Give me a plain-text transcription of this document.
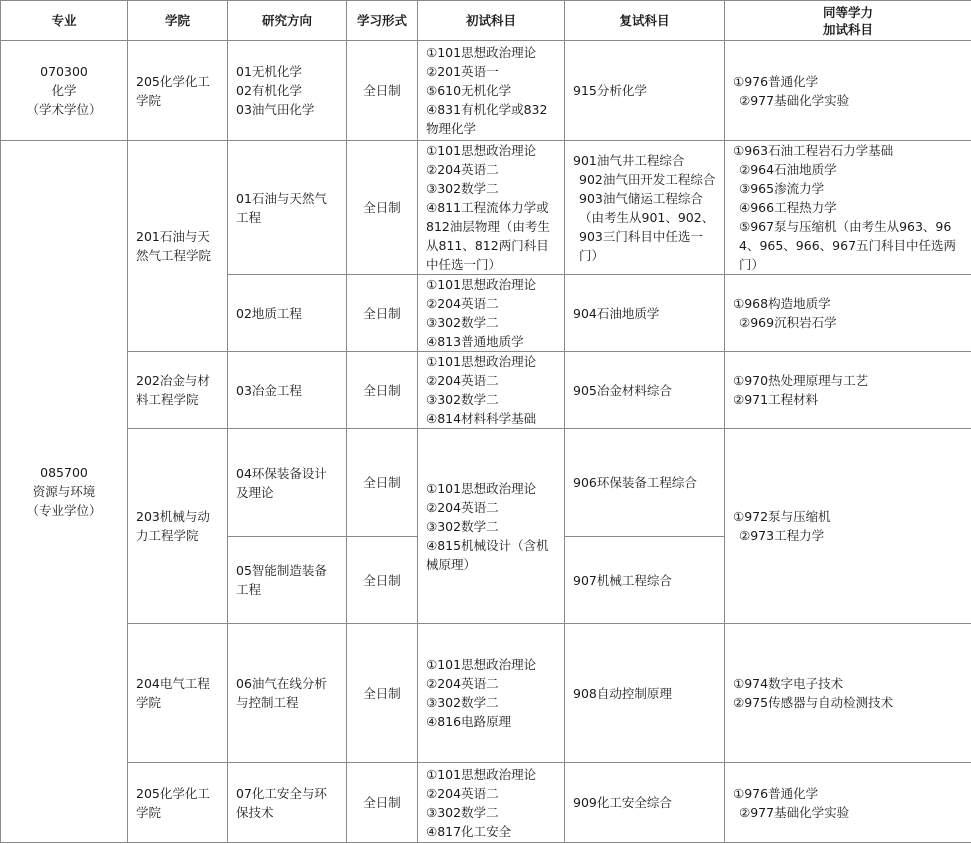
专业	学院	研究方向	学习形式	初试科目	复试科目	同等学力
加试科目

070300
化学
（学术学位）	205化学化工学院	01无机化学
02有机化学
03油气田化学	全日制	①101思想政治理论
②201英语一
⑤610无机化学
④831有机化学或832物理化学	915分析化学	①976普通化学
②977基础化学实验

085700
资源与环境
（专业学位）	201石油与天然气工程学院	01石油与天然气工程	全日制	①101思想政治理论
②204英语二
③302数学二
④811工程流体力学或812油层物理（由考生从811、812两门科目中任选一门）	901油气井工程综合
902油气田开发工程综合
903油气储运工程综合（由考生从901、902、903三门科目中任选一门）	①963石油工程岩石力学基础
②964石油地质学
③965渗流力学
④966工程热力学
⑤967泵与压缩机（由考生从963、964、965、966、967五门科目中任选两门）

		02地质工程	全日制	①101思想政治理论
②204英语二
③302数学二
④813普通地质学	904石油地质学	①968构造地质学
②969沉积岩石学

	202冶金与材料工程学院	03冶金工程	全日制	①101思想政治理论
②204英语二
③302数学二
④814材料科学基础	905冶金材料综合	①970热处理原理与工艺
②971工程材料

	203机械与动力工程学院	04环保装备设计及理论	全日制	①101思想政治理论
②204英语二
③302数学二
④815机械设计（含机械原理）	906环保装备工程综合	①972泵与压缩机
②973工程力学

		05智能制造装备工程	全日制		907机械工程综合	

	204电气工程学院	06油气在线分析与控制工程	全日制	①101思想政治理论
②204英语二
③302数学二
④816电路原理	908自动控制原理	①974数字电子技术
②975传感器与自动检测技术

	205化学化工学院	07化工安全与环保技术	全日制	①101思想政治理论
②204英语二
③302数学二
④817化工安全	909化工安全综合	①976普通化学
②977基础化学实验
